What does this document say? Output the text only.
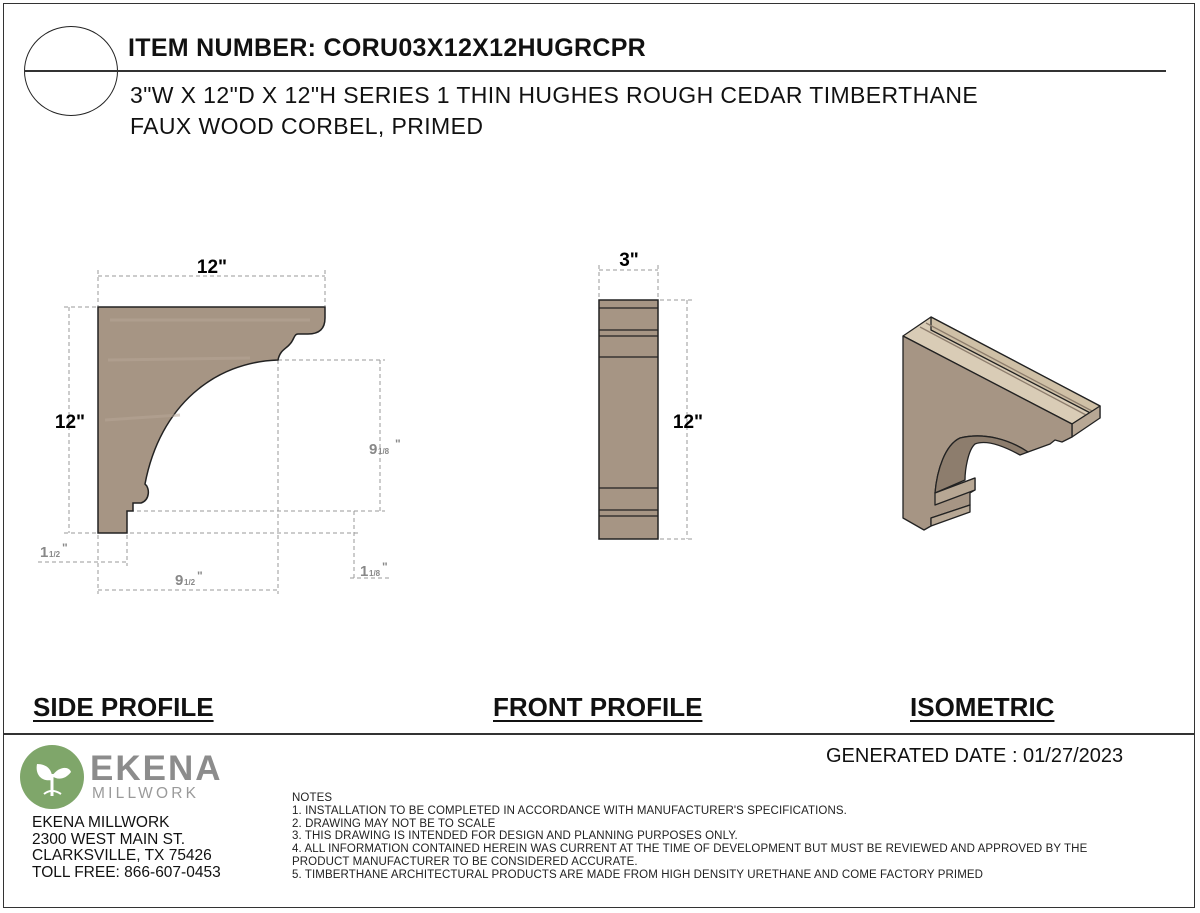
ITEM NUMBER: CORU03X12X12HUGRCPR
3"W X 12"D X 12"H SERIES 1 THIN HUGHES ROUGH CEDAR TIMBERTHANE
FAUX WOOD CORBEL, PRIMED
12"
12"
9 1/8
"
1 1/2 "
9 1/2 "	1 1/8 "
3"
12"
SIDE PROFILE	FRONT PROFILE	ISOMETRIC
EKENA
MILLWORK
EKENA MILLWORK
2300 WEST MAIN ST.
CLARKSVILLE, TX 75426
TOLL FREE: 866-607-0453
GENERATED DATE : 01/27/2023
NOTES
1. INSTALLATION TO BE COMPLETED IN ACCORDANCE WITH MANUFACTURER'S SPECIFICATIONS.
2. DRAWING MAY NOT BE TO SCALE
3. THIS DRAWING IS INTENDED FOR DESIGN AND PLANNING PURPOSES ONLY.
4. ALL INFORMATION CONTAINED HEREIN WAS CURRENT AT THE TIME OF DEVELOPMENT BUT MUST BE REVIEWED AND APPROVED BY THE
PRODUCT MANUFACTURER TO BE CONSIDERED ACCURATE.
5. TIMBERTHANE ARCHITECTURAL PRODUCTS ARE MADE FROM HIGH DENSITY URETHANE AND COME FACTORY PRIMED
